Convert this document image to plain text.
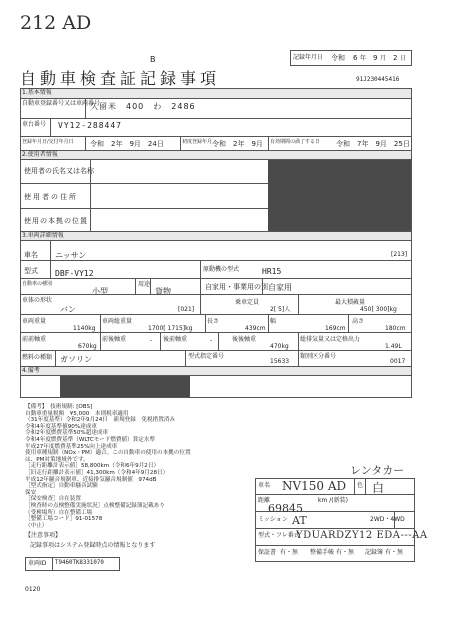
212 AD
B
自動車検査証記録事項
記録年月日 令和 6 年 9 月 2 日
91J230445416
1.基本情報
自動車登録番号又は車両番号
久留米　400　わ　2486
車台番号 VY12-288447
登録年月日/交付年月日 令和　2年　9月　24日	初度登録年月 令和　2年　9月 有効期間の満了する日 令和　7年　9月　25日
2.使用者情報
使用者の氏名又は名称
使用者の住所
使用の本拠の位置
3.車両詳細情報
車名 ニッサン	[213]
型式 DBF-VY12	原動機の型式	HR15
自動車の種別
小型
用途
貨物	自家用・事業用の別 自家用
車体の形状
バン	[021]
乗車定員
2[ 5]人
最大積載量
450[ 300]kg
車両重量
1140kg
車両総重量
1700[ 1715]kg
長さ
439cm
幅
169cm
高さ
180cm
前前軸重
670kg
前後軸重	- 後前軸重	-	後後軸重
470kg
総排気量又は定格出力
1.49L
燃料の種類 ガソリン	型式指定番号
15633
類別区分番号
0017
4.備考
【備考】　技術規制: [OBS]
自動車重量税額　¥5,000　本則税率適用
（31年度基準）令和2年9月24日　新規登録　免税措置済み
令和4年度基準値90%達成車
令和2年度燃費基準50%超達成車
令和4年度燃費基準（WLTCモード燃費値）算定水準
平成27年度燃費基準25%向上達成車
使用車種規制（NOx・PM）適合。この自動車の使用の本拠の位置
は、PM対策地域外です。
［走行距離計表示値］58,800km（令和6年9月2日）
［旧走行距離計表示値］41,300km（令和4年9月28日）
平成12年騒音規制車、近接排気騒音規制値　974dB
［型式指定］自動車騒音試験
保安
［保安検査］自在装置
［検査時の点検整備実施状況］点検整備記録簿記載あり
（受検場所）自在整備工場
［整備工場コード］91-01578
（中止）
レンタカー
車名 NV150 AD 色 白
距離	km /(新装)
69845
ミッション AT	2WD・4WD
型式・フレ番式
YDUARDZY12 EDA---AA
保証書 有・無 整備手帳 有・無 記録簿 有・無
【注意事項】
記録事項はシステム登録時点の情報となります
車両ID T9460TK8331070
0120
